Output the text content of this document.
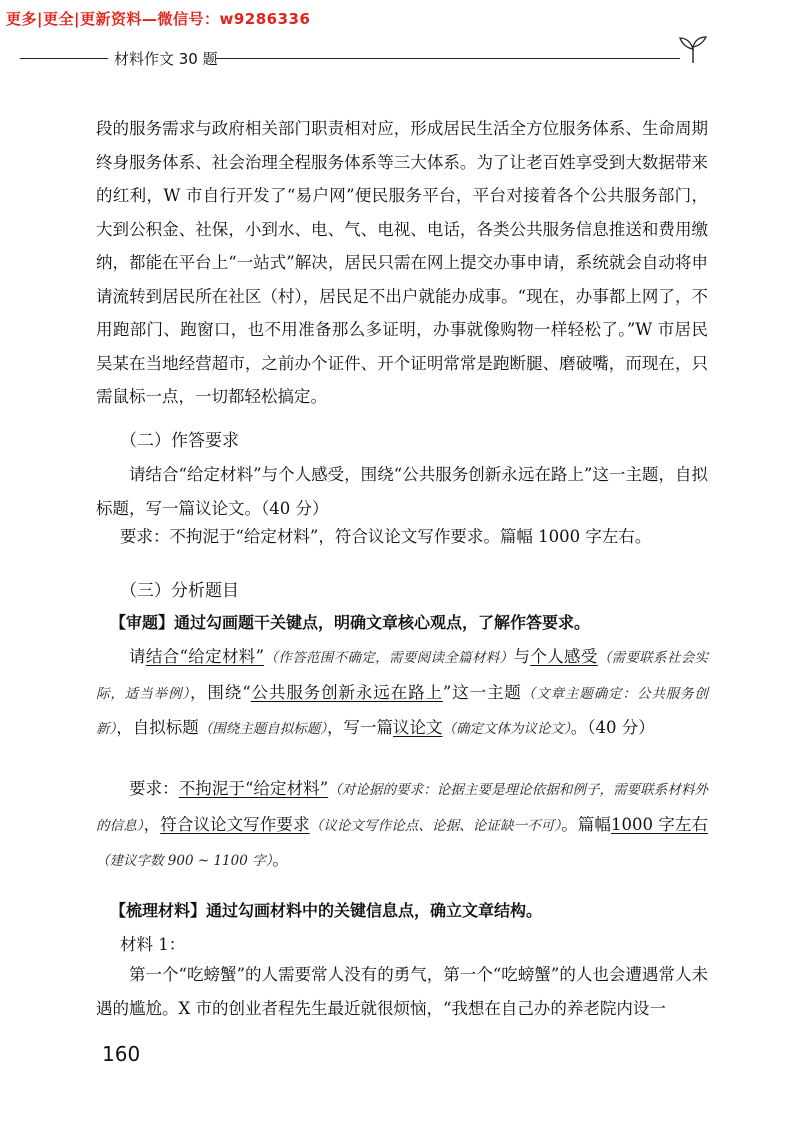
更多|更全|更新资料—微信号：w9286336
材料作文 30 题
段的服务需求与政府相关部门职责相对应，形成居民生活全方位服务体系、生命周期终身服务体系、社会治理全程服务体系等三大体系。为了让老百姓享受到大数据带来的红利，W 市自行开发了“易户网”便民服务平台，平台对接着各个公共服务部门，大到公积金、社保，小到水、电、气、电视、电话，各类公共服务信息推送和费用缴纳，都能在平台上“一站式”解决，居民只需在网上提交办事申请，系统就会自动将申请流转到居民所在社区（村），居民足不出户就能办成事。“现在，办事都上网了，不用跑部门、跑窗口，也不用准备那么多证明，办事就像购物一样轻松了。”W 市居民吴某在当地经营超市，之前办个证件、开个证明常常是跑断腿、磨破嘴，而现在，只需鼠标一点，一切都轻松搞定。
（二）作答要求
请结合“给定材料”与个人感受，围绕“公共服务创新永远在路上”这一主题，自拟标题，写一篇议论文。（40 分）
要求：不拘泥于“给定材料”，符合议论文写作要求。篇幅 1000 字左右。
（三）分析题目
【审题】通过勾画题干关键点，明确文章核心观点，了解作答要求。
请结合“给定材料”（作答范围不确定，需要阅读全篇材料）与个人感受（需要联系社会实际，适当举例），围绕“公共服务创新永远在路上”这一主题（文章主题确定：公共服务创新），自拟标题（围绕主题自拟标题），写一篇议论文（确定文体为议论文）。（40 分）
要求：不拘泥于“给定材料”（对论据的要求：论据主要是理论依据和例子，需要联系材料外的信息），符合议论文写作要求（议论文写作论点、论据、论证缺一不可）。篇幅1000 字左右（建议字数 900 ~ 1100 字）。
【梳理材料】通过勾画材料中的关键信息点，确立文章结构。
材料 1：
第一个“吃螃蟹”的人需要常人没有的勇气，第一个“吃螃蟹”的人也会遭遇常人未遇的尴尬。X 市的创业者程先生最近就很烦恼，“我想在自己办的养老院内设一
160
